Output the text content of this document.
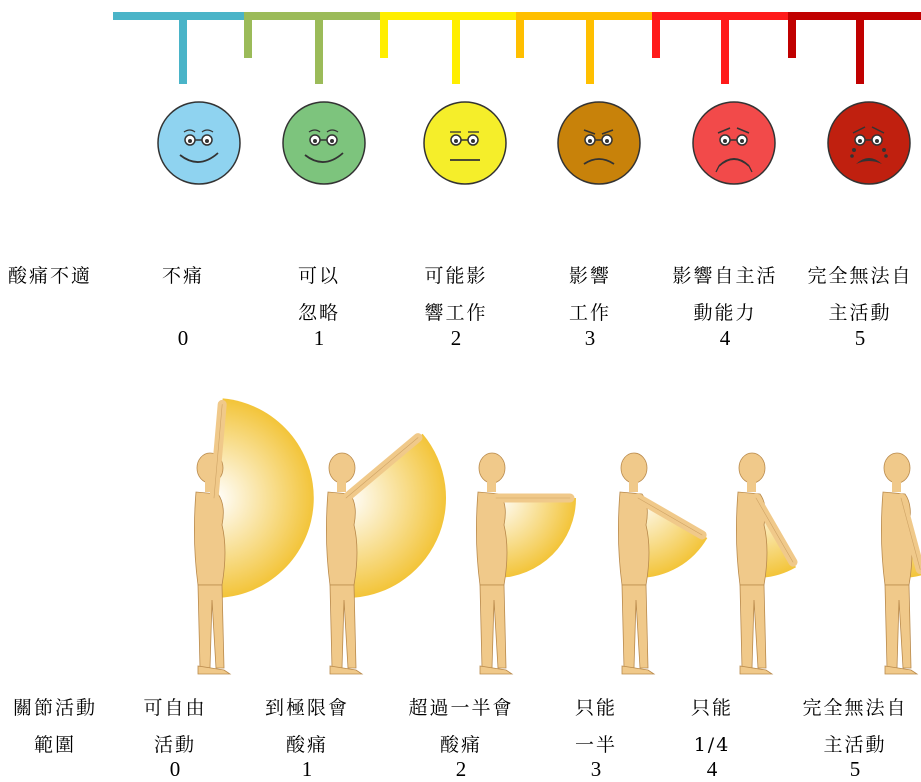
酸痛不適	不痛
0
可以
忽略
1
可能影
響工作
2
影響
工作
3
影響自主活
動能力
4
完全無法自
主活動
5
關節活動
範圍
可自由
活動
0
到極限會
酸痛
1
超過一半會
酸痛
2
只能
一半
3
只能
1/4
4
完全無法自
主活動
5
